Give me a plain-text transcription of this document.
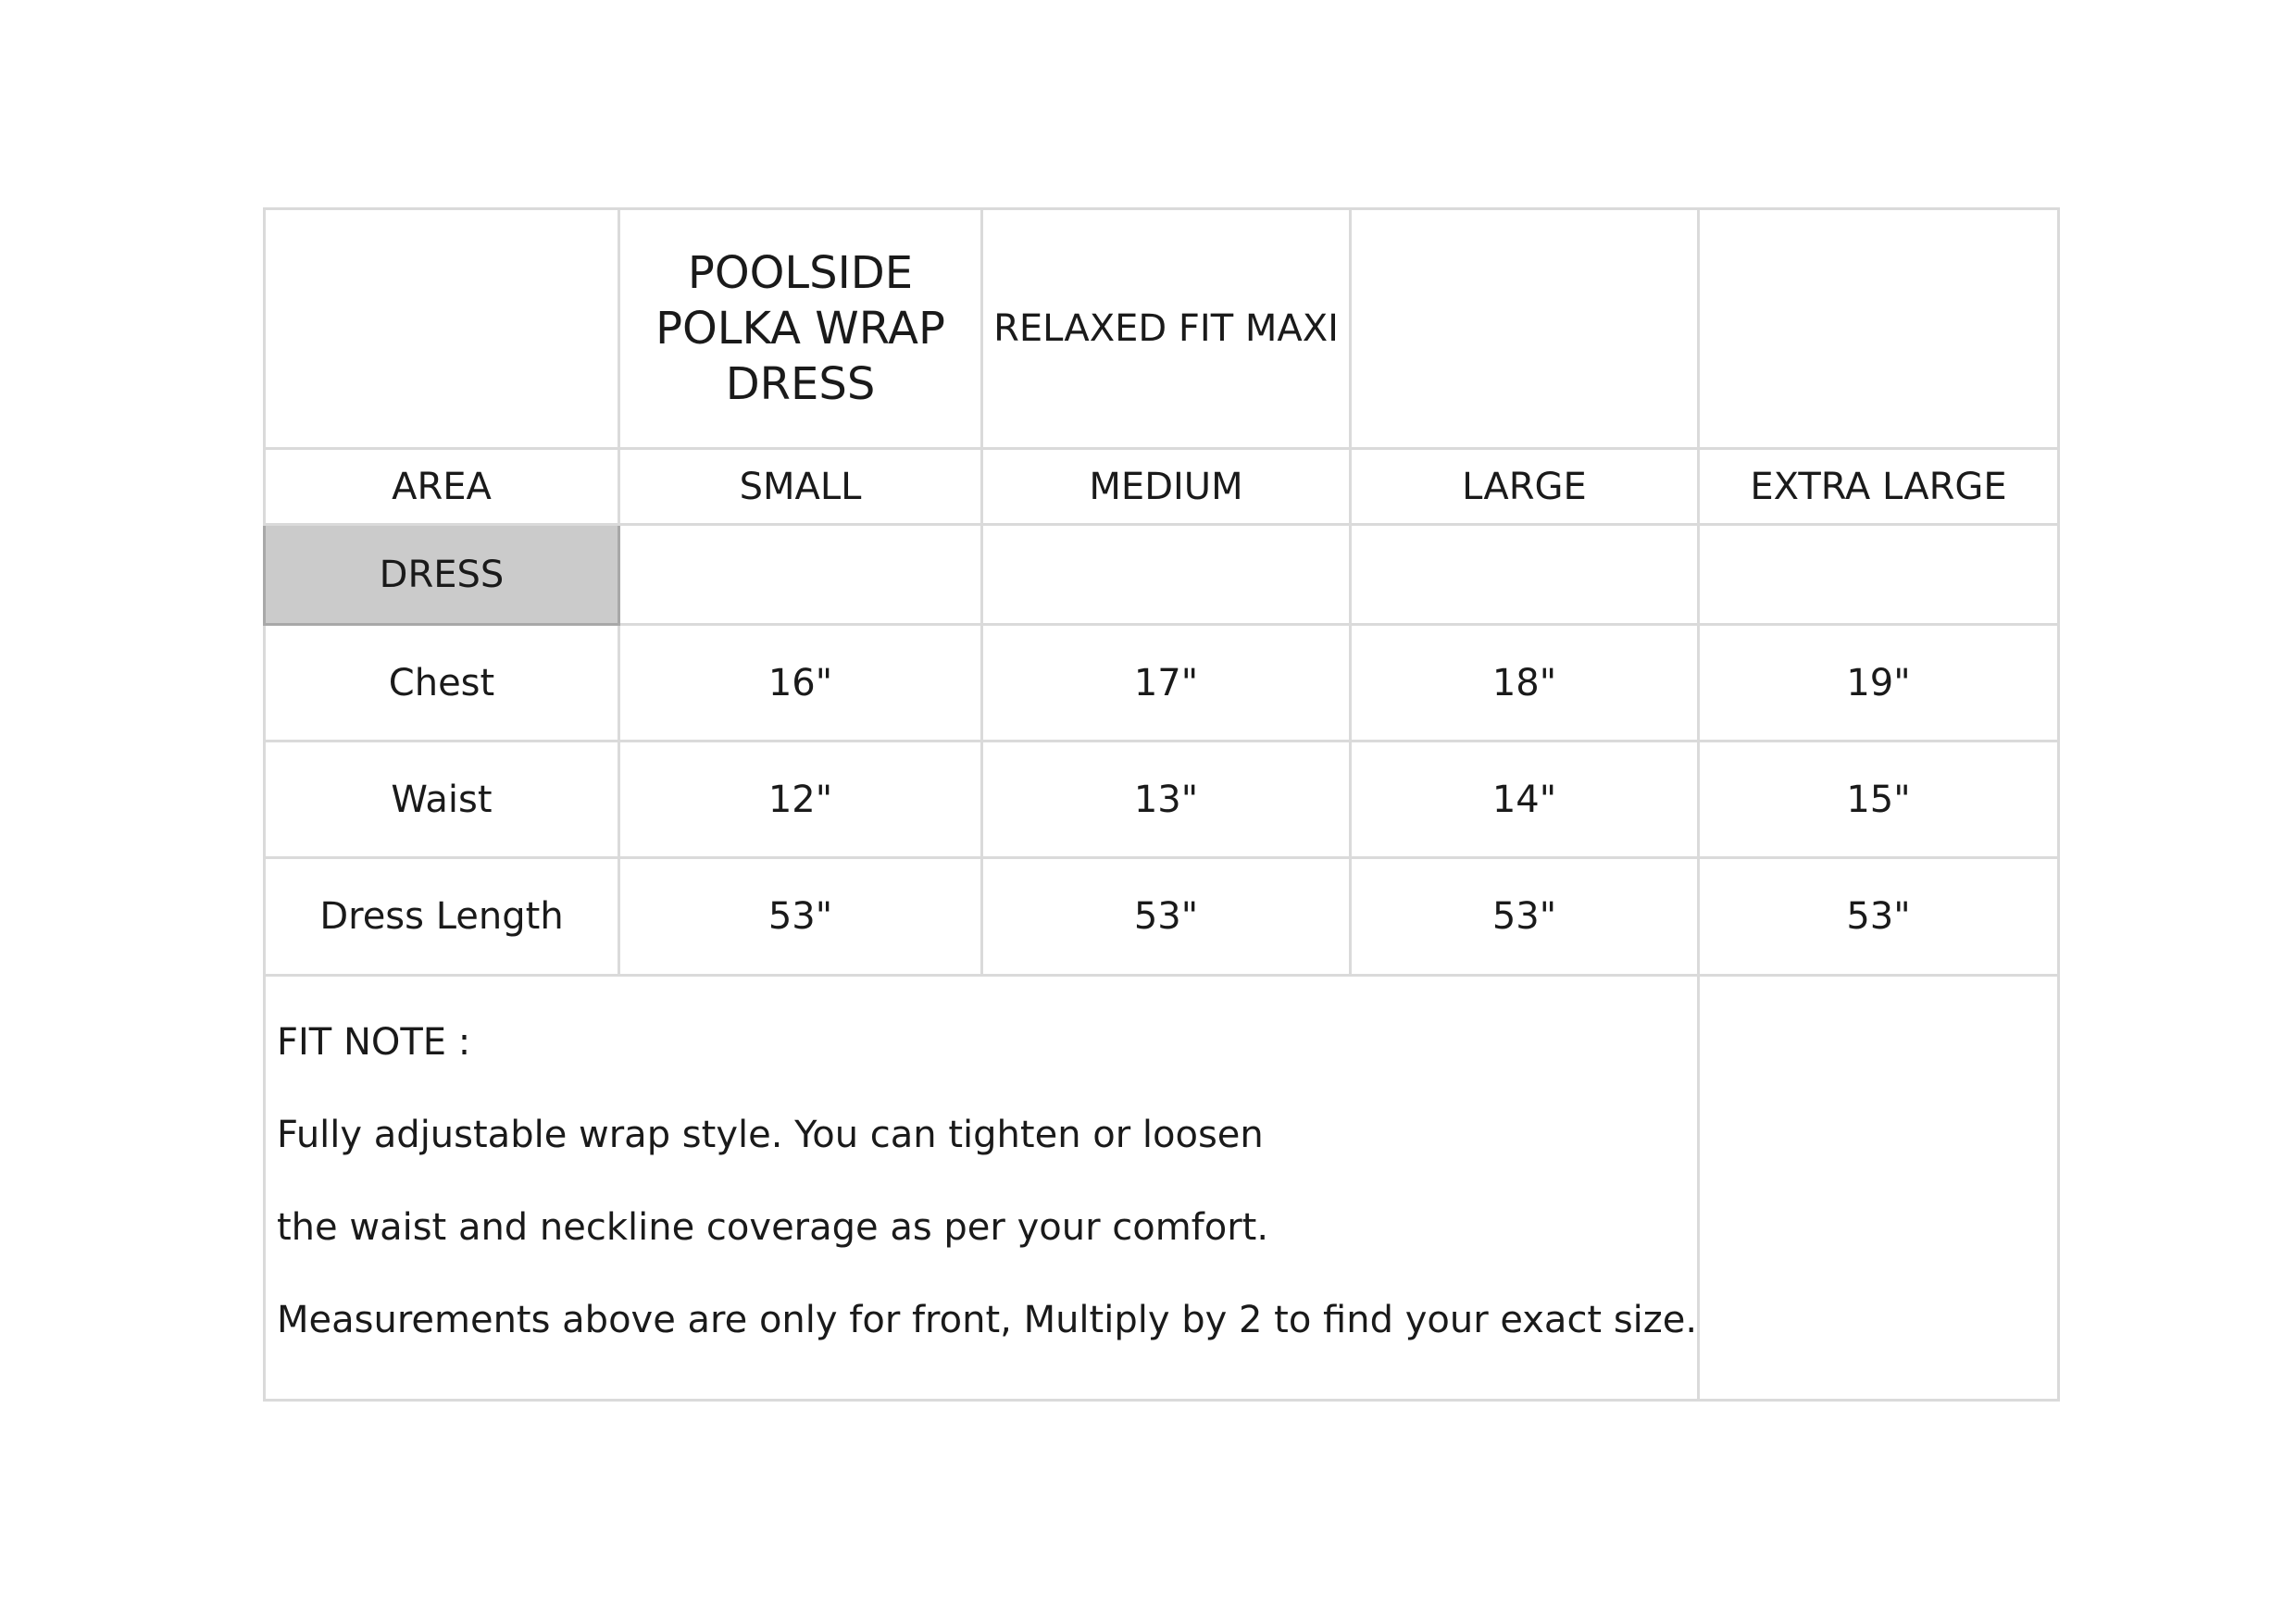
	POOLSIDE POLKA WRAP DRESS	RELAXED FIT MAXI		
AREA	SMALL	MEDIUM	LARGE	EXTRA LARGE
DRESS				
Chest	16"	17"	18"	19"
Waist	12"	13"	14"	15"
Dress Length	53"	53"	53"	53"

FIT NOTE :
Fully adjustable wrap style. You can tighten or loosen
the waist and neckline coverage as per your comfort.
Measurements above are only for front, Multiply by 2 to find your exact size.				
